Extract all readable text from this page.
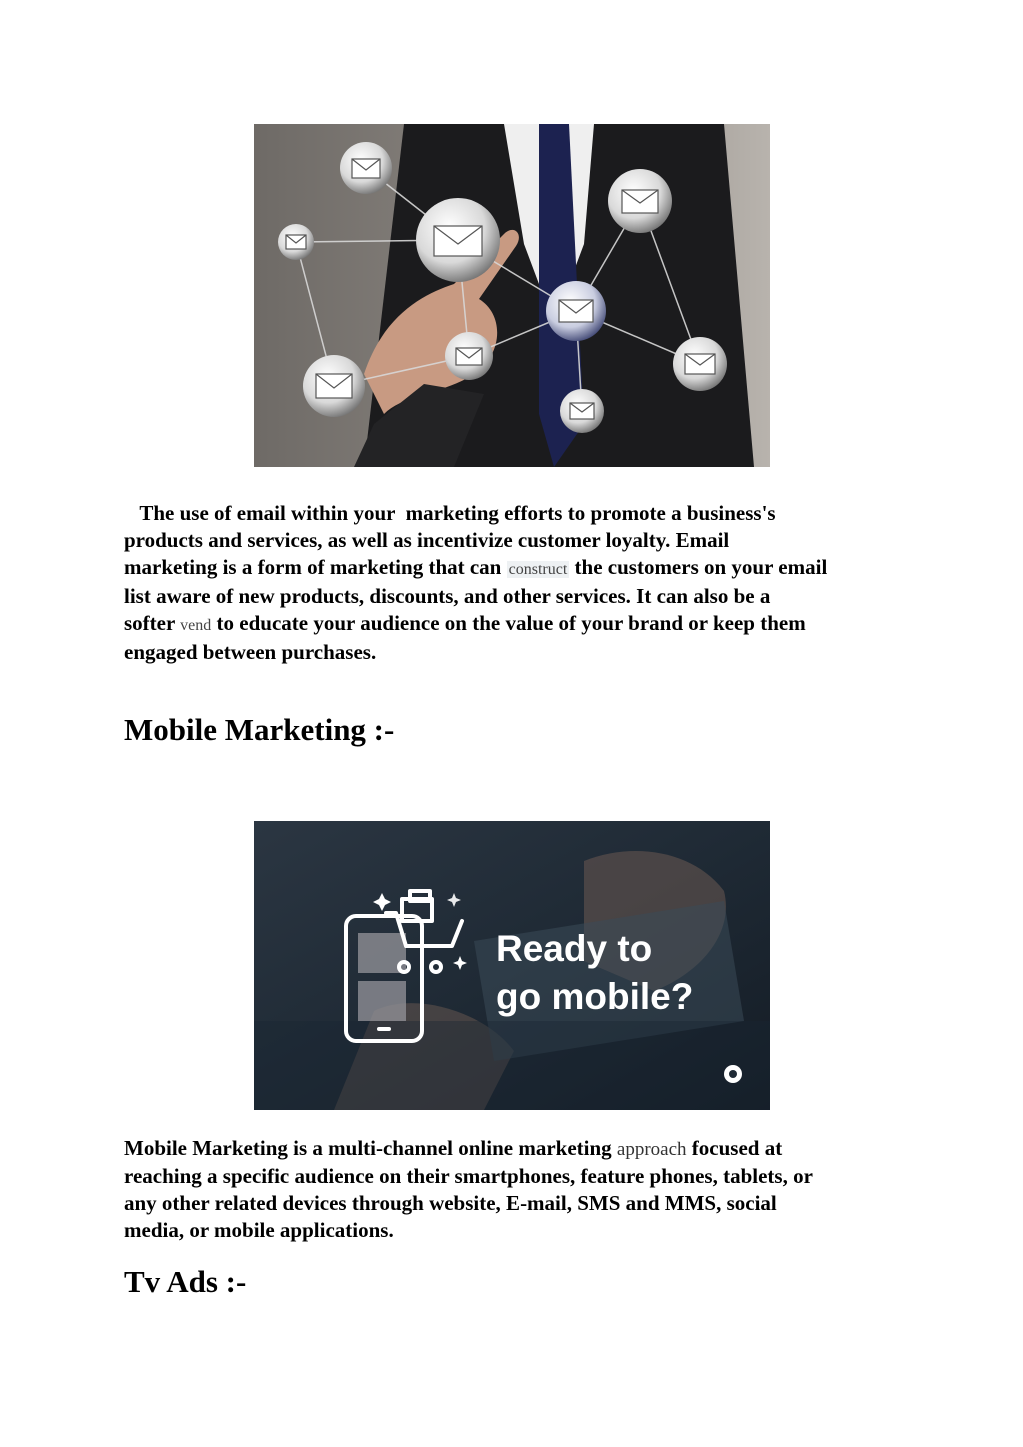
The use of email within your  marketing efforts to promote a business's
products and services, as well as incentivize customer loyalty. Email
marketing is a form of marketing that can construct the customers on your email
list aware of new products, discounts, and other services. It can also be a
softer vend to educate your audience on the value of your brand or keep them
engaged between purchases.
Mobile Marketing :-
Ready to
go mobile?
Mobile Marketing is a multi-channel online marketing approach focused at
reaching a specific audience on their smartphones, feature phones, tablets, or
any other related devices through website, E-mail, SMS and MMS, social
media, or mobile applications.
Tv Ads :-
